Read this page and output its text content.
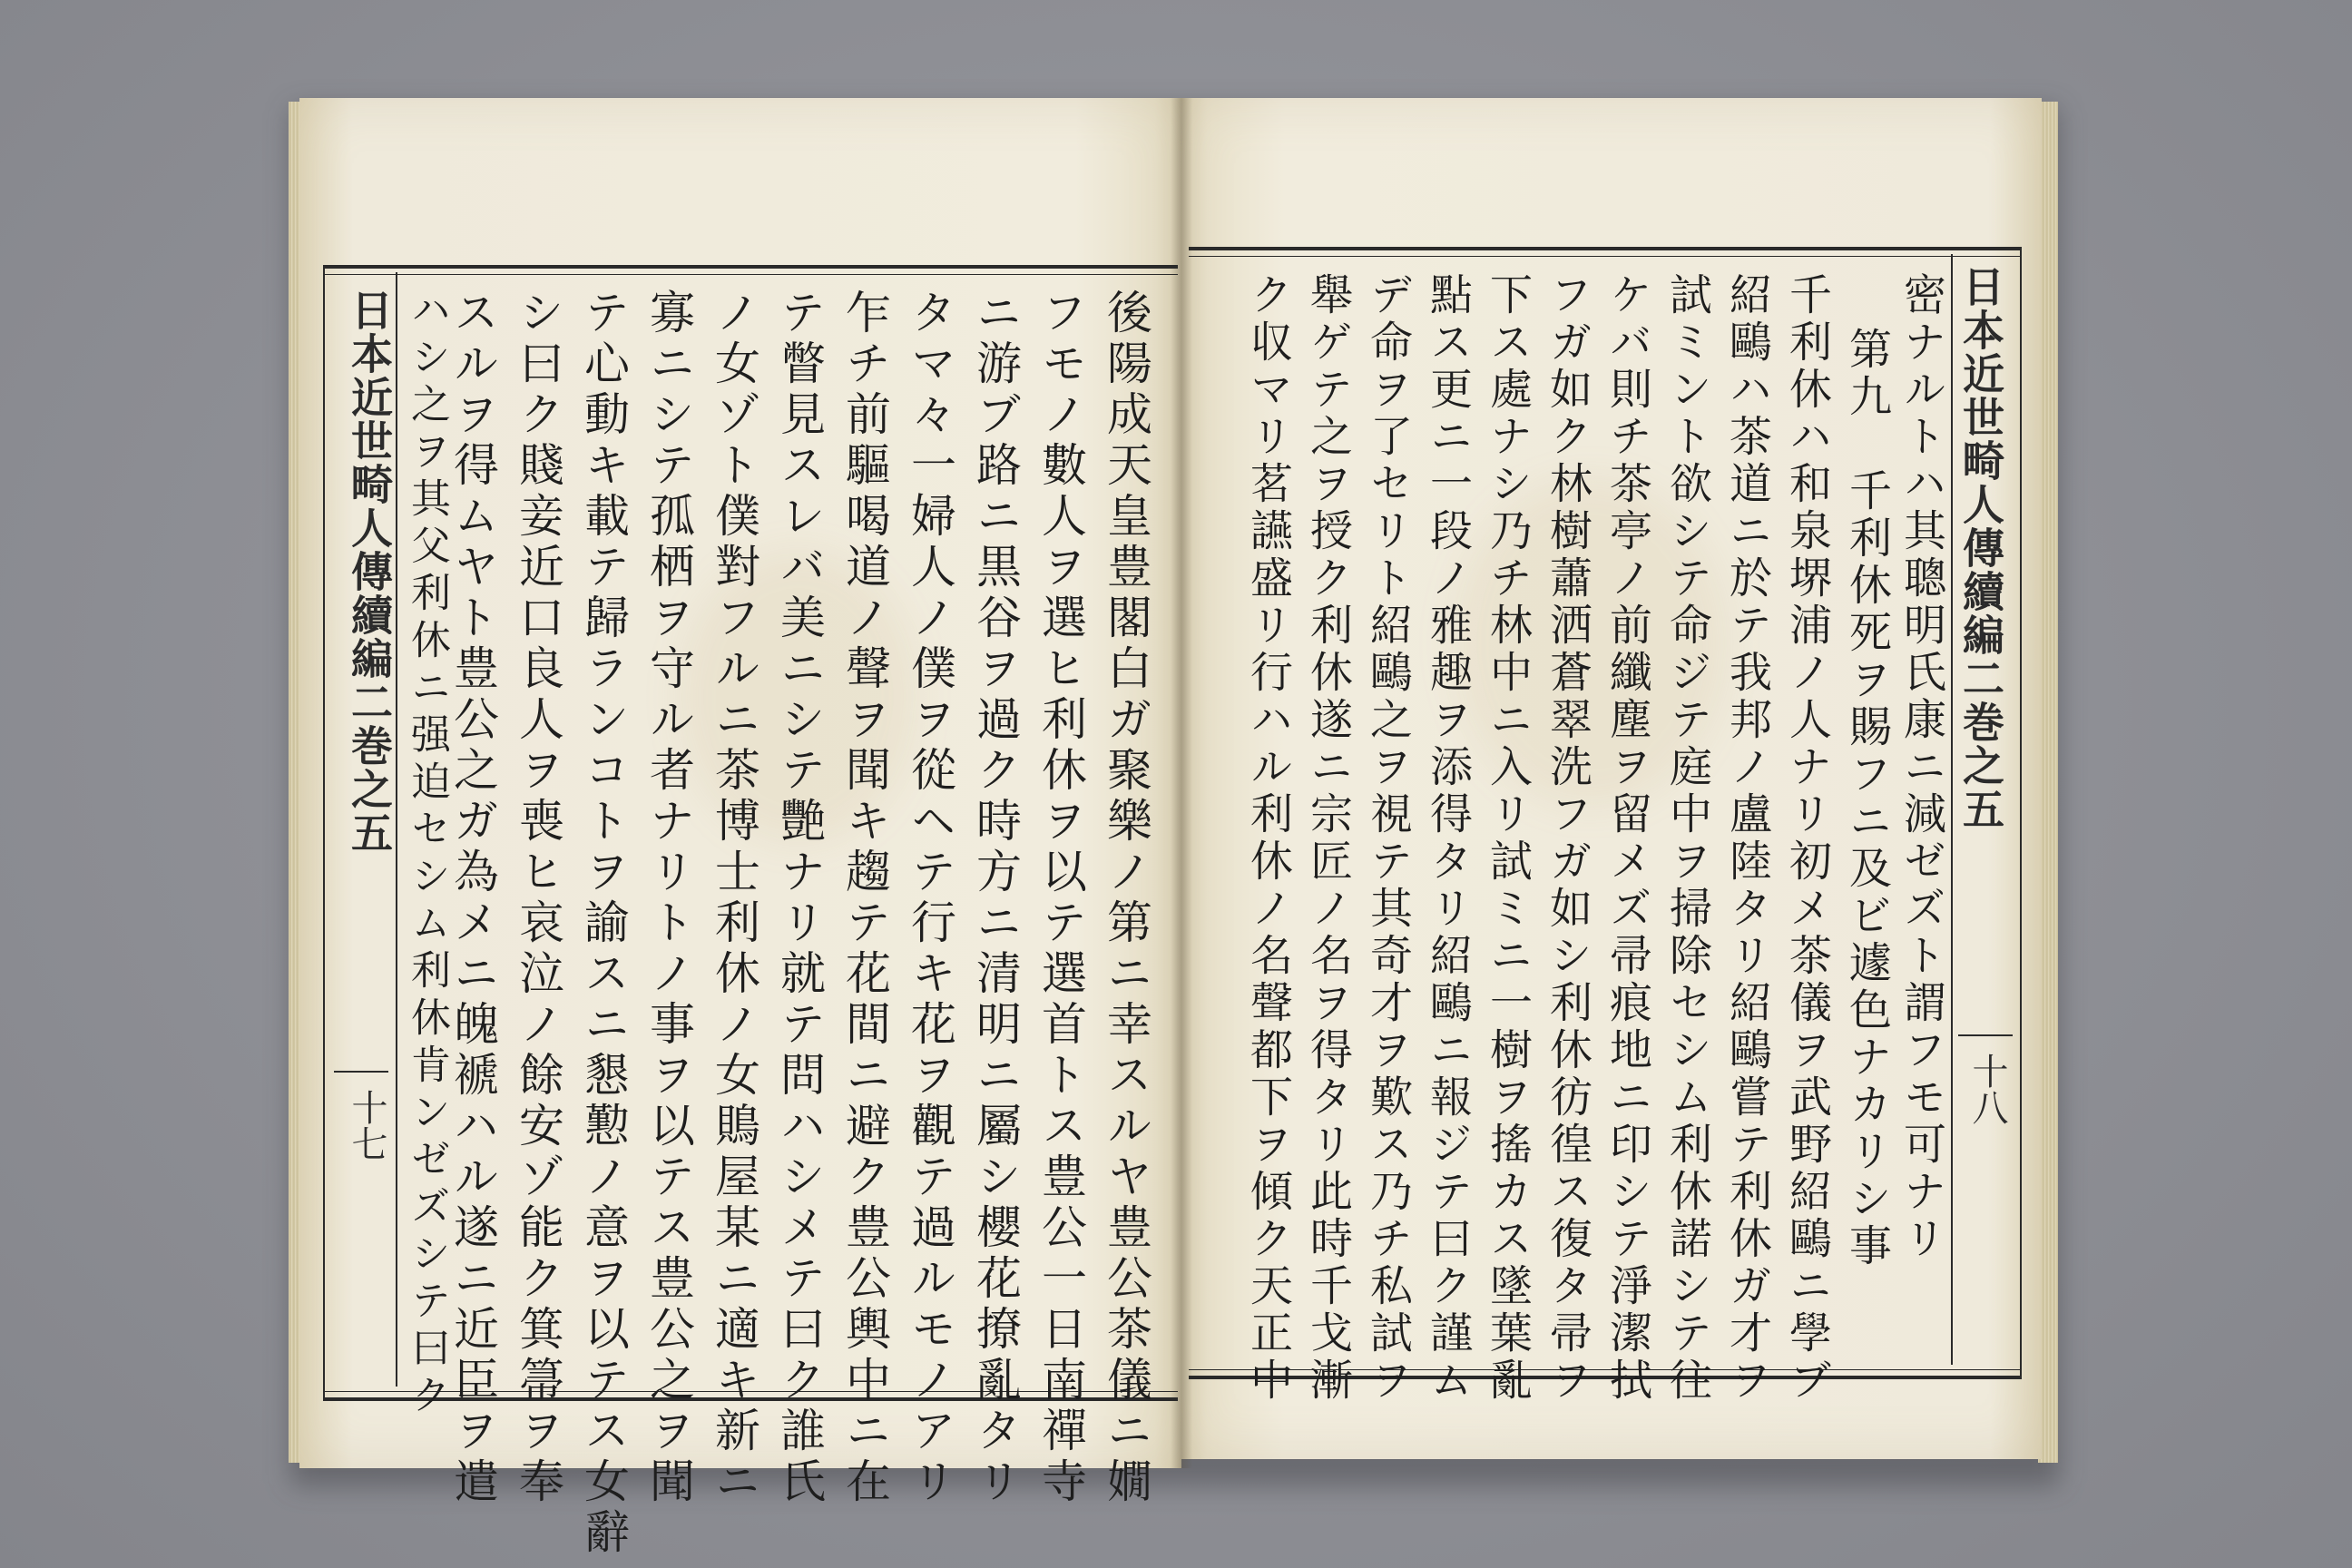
日本近世畸人傳續編二巻之五
十七	後陽成天皇豊閣白ガ聚樂ノ第ニ幸スルヤ豊公茶儀ニ嫺
フモノ數人ヲ選ヒ利休ヲ以テ選首トス豊公一日南禪寺
ニ游ブ路ニ黒谷ヲ過ク時方ニ清明ニ屬シ櫻花撩亂タリ
タマ々一婦人ノ僕ヲ從ヘテ行キ花ヲ觀テ過ルモノアリ
乍チ前驅喝道ノ聲ヲ聞キ趨テ花間ニ避ク豊公輿中ニ在
テ瞥見スレバ美ニシテ艷ナリ就テ問ハシメテ曰ク誰氏
ノ女ゾト僕對フルニ茶博士利休ノ女鵙屋某ニ適キ新ニ
寡ニシテ孤栖ヲ守ル者ナリトノ事ヲ以テス豊公之ヲ聞
テ心動キ載テ歸ランコトヲ諭スニ懇懃ノ意ヲ以テス女辭
シ曰ク賤妾近口良人ヲ喪ヒ哀泣ノ餘安ゾ能ク箕箒ヲ奉
スルヲ得ムヤト豊公之ガ為メニ魄褫ハル遂ニ近臣ヲ遣
ハシ之ヲ其父利休ニ强迫セシム利休肯ンゼズシテ曰ク	日本近世畸人傳續編二巻之五
十八
密ナルトハ其聰明氏康ニ減ゼズト謂フモ可ナリ
第九　千利休死ヲ賜フニ及ビ遽色ナカリシ事
千利休ハ和泉堺浦ノ人ナリ初メ茶儀ヲ武野紹鷗ニ學ブ
紹鷗ハ茶道ニ於テ我邦ノ盧陸タリ紹鷗嘗テ利休ガ才ヲ
試ミント欲シテ命ジテ庭中ヲ掃除セシム利休諾シテ往
ケバ則チ茶亭ノ前纖塵ヲ留メズ帚痕地ニ印シテ淨潔拭
フガ如ク林樹蕭洒蒼翠洗フガ如シ利休彷徨ス復タ帚ヲ
下ス處ナシ乃チ林中ニ入リ試ミニ一樹ヲ搖カス墜葉亂
點ス更ニ一段ノ雅趣ヲ添得タリ紹鷗ニ報ジテ曰ク謹ム
デ命ヲ了セリト紹鷗之ヲ視テ其奇才ヲ歎ス乃チ私試ヲ
舉ゲテ之ヲ授ク利休遂ニ宗匠ノ名ヲ得タリ此時千戈漸
ク収マリ茗讌盛リ行ハル利休ノ名聲都下ヲ傾ク天正中
